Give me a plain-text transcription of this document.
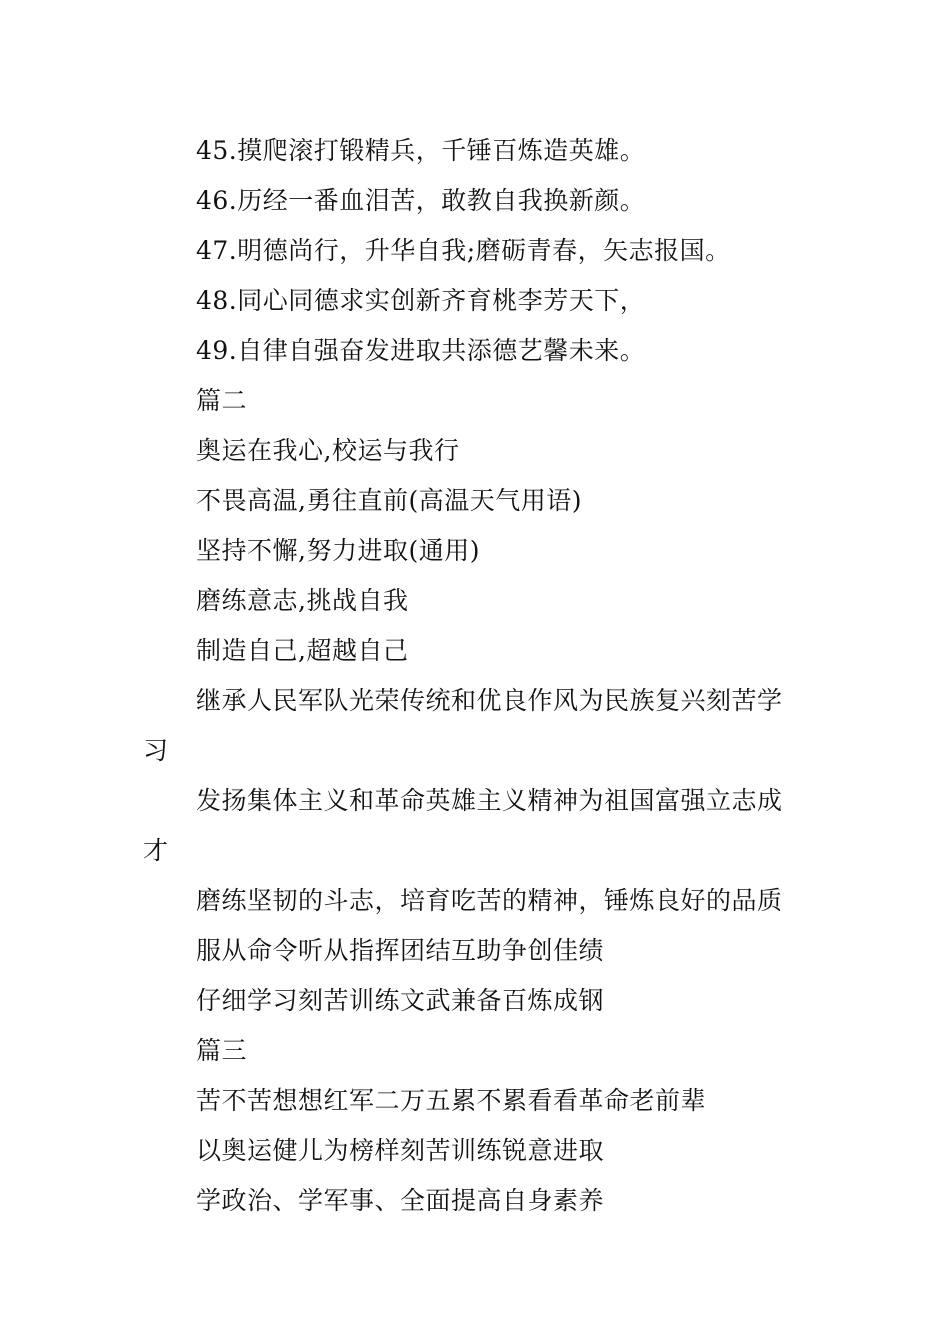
45.摸爬滚打锻精兵，千锤百炼造英雄。
46.历经一番血泪苦，敢教自我换新颜。
47.明德尚行，升华自我;磨砺青春，矢志报国。
48.同心同德求实创新齐育桃李芳天下，
49.自律自强奋发进取共添德艺馨未来。
篇二
奥运在我心,校运与我行
不畏高温,勇往直前(高温天气用语)
坚持不懈,努力进取(通用)
磨练意志,挑战自我
制造自己,超越自己
继承人民军队光荣传统和优良作风为民族复兴刻苦学
习
发扬集体主义和革命英雄主义精神为祖国富强立志成
才
磨练坚韧的斗志，培育吃苦的精神，锤炼良好的品质
服从命令听从指挥团结互助争创佳绩
仔细学习刻苦训练文武兼备百炼成钢
篇三
苦不苦想想红军二万五累不累看看革命老前辈
以奥运健儿为榜样刻苦训练锐意进取
学政治、学军事、全面提高自身素养
